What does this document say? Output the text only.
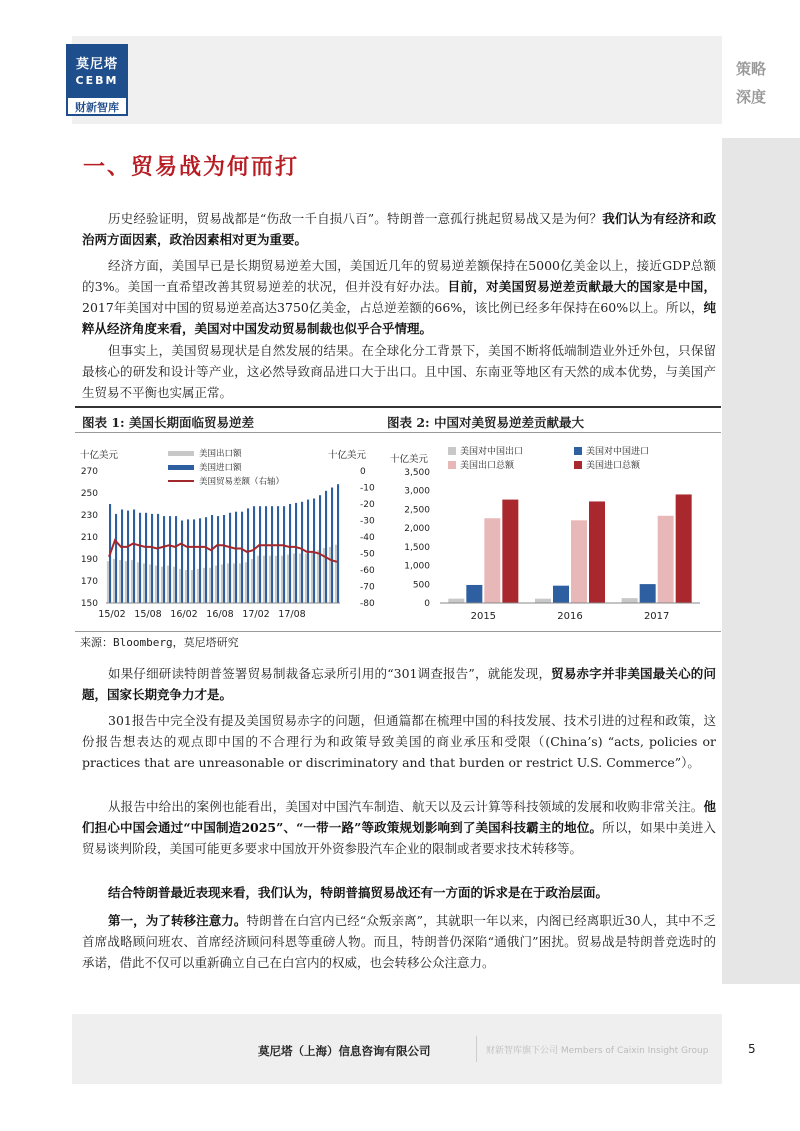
莫尼塔
CEBM
财新智库
策略
深度
一、贸易战为何而打
历史经验证明，贸易战都是“伤敌一千自损八百”。特朗普一意孤行挑起贸易战又是为何？我们认为有经济和政治两方面因素，政治因素相对更为重要。
经济方面，美国早已是长期贸易逆差大国，美国近几年的贸易逆差额保持在5000亿美金以上，接近GDP总额的3%。美国一直希望改善其贸易逆差的状况，但并没有好办法。目前，对美国贸易逆差贡献最大的国家是中国，2017年美国对中国的贸易逆差高达3750亿美金，占总逆差额的66%，该比例已经多年保持在60%以上。所以，纯粹从经济角度来看，美国对中国发动贸易制裁也似乎合乎情理。
但事实上，美国贸易现状是自然发展的结果。在全球化分工背景下，美国不断将低端制造业外迁外包，只保留最核心的研发和设计等产业，这必然导致商品进口大于出口。且中国、东南亚等地区有天然的成本优势，与美国产生贸易不平衡也实属正常。
图表 1: 美国长期面临贸易逆差	图表 2: 中国对美贸易逆差贡献最大
十亿美元	十亿美元
150
170
190
210
230
250
270	0
-10
-20
-30
-40
-50
-60
-70
-80
15/02 15/08 16/02 16/08 17/02 17/08
美国出口额
美国进口额
美国贸易差额（右轴）
十亿美元
0
500
1,000
1,500
2,000
2,500
3,000
3,500
2015	2016	2017
美国对中国出口	美国对中国进口
美国出口总额	美国进口总额
来源：Bloomberg，莫尼塔研究
如果仔细研读特朗普签署贸易制裁备忘录所引用的“301调查报告”，就能发现，贸易赤字并非美国最关心的问题，国家长期竞争力才是。
301报告中完全没有提及美国贸易赤字的问题，但通篇都在梳理中国的科技发展、技术引进的过程和政策，这份报告想表达的观点即中国的不合理行为和政策导致美国的商业承压和受限（(China’s) “acts, policies or practices that are unreasonable or discriminatory and that burden or restrict U.S. Commerce”）。
从报告中给出的案例也能看出，美国对中国汽车制造、航天以及云计算等科技领域的发展和收购非常关注。他们担心中国会通过“中国制造2025”、“一带一路”等政策规划影响到了美国科技霸主的地位。所以，如果中美进入贸易谈判阶段，美国可能更多要求中国放开外资参股汽车企业的限制或者要求技术转移等。
结合特朗普最近表现来看，我们认为，特朗普搞贸易战还有一方面的诉求是在于政治层面。
第一，为了转移注意力。特朗普在白宫内已经“众叛亲离”，其就职一年以来，内阁已经离职近30人，其中不乏首席战略顾问班农、首席经济顾问科恩等重磅人物。而且，特朗普仍深陷“通俄门”困扰。贸易战是特朗普竞选时的承诺，借此不仅可以重新确立自己在白宫内的权威，也会转移公众注意力。
莫尼塔（上海）信息咨询有限公司	财新智库旗下公司 Members of Caixin Insight Group	5
